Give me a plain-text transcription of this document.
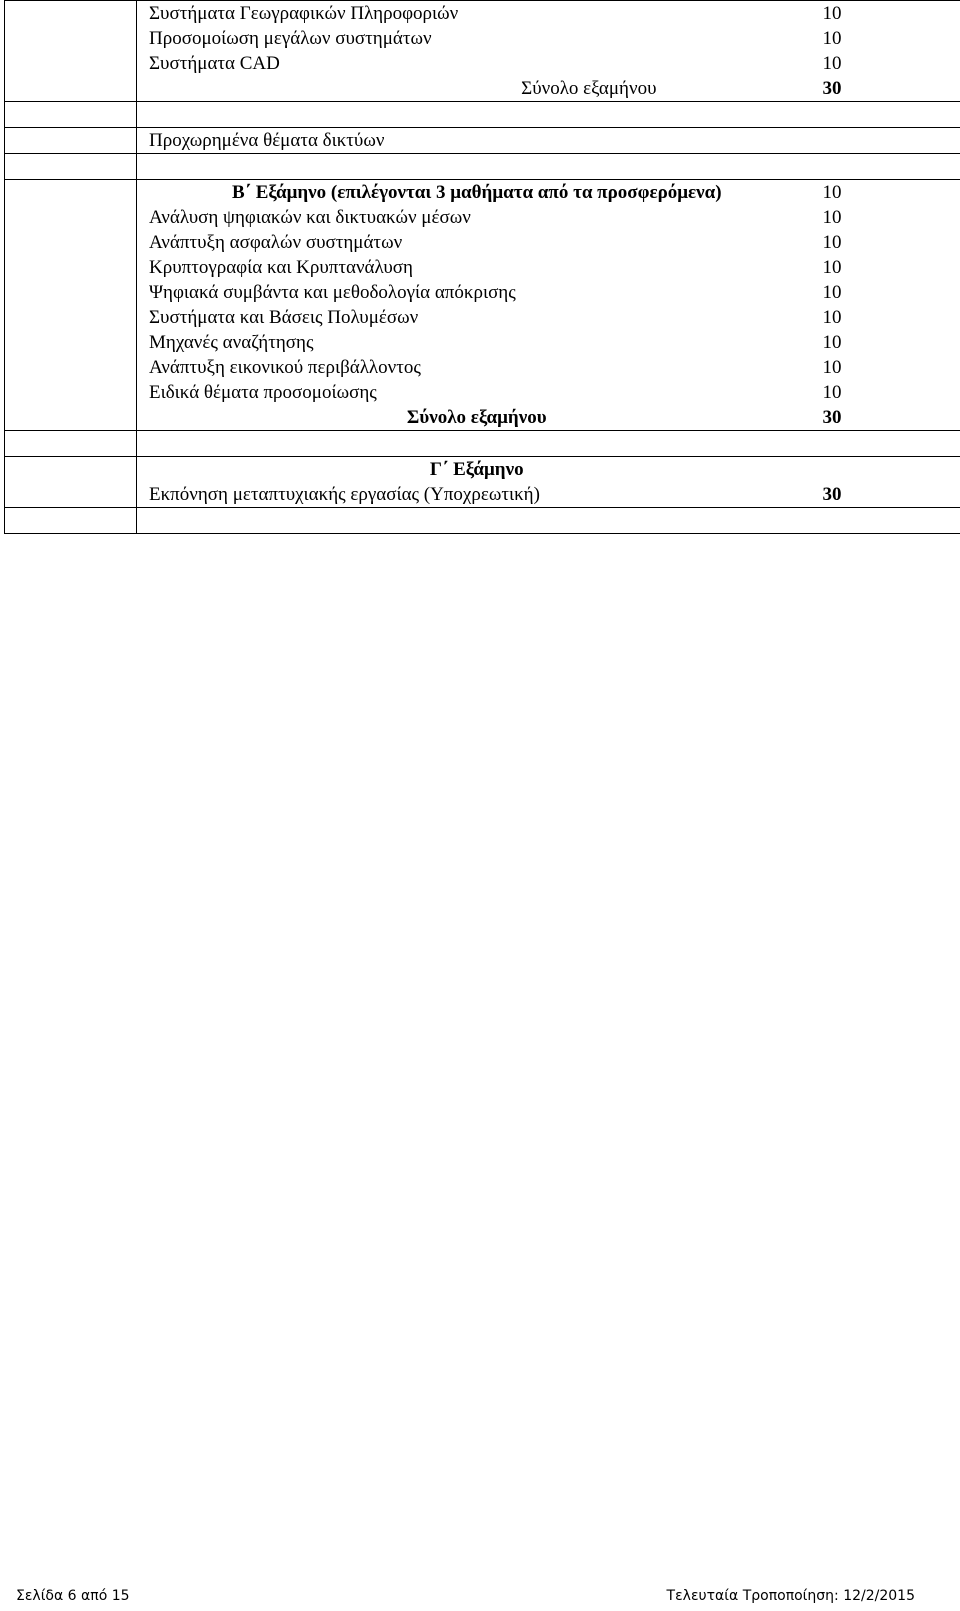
	Συστήματα Γεωγραφικών Πληροφοριών	10
	Προσομοίωση μεγάλων συστημάτων	10
	Συστήματα CAD	10
	Σύνολο εξαμήνου	30

	Προχωρημένα θέματα δικτύων	

	Β΄ Εξάμηνο (επιλέγονται 3 μαθήματα από τα προσφερόμενα)	10
	Ανάλυση ψηφιακών και δικτυακών μέσων	10
	Ανάπτυξη ασφαλών συστημάτων	10
	Κρυπτογραφία και Κρυπτανάλυση	10
	Ψηφιακά συμβάντα και μεθοδολογία απόκρισης	10
	Συστήματα και Βάσεις Πολυμέσων	10
	Μηχανές αναζήτησης	10
	Ανάπτυξη εικονικού περιβάλλοντος	10
	Ειδικά θέματα προσομοίωσης	10
	Σύνολο εξαμήνου	30

	Γ΄ Εξάμηνο	
	Εκπόνηση μεταπτυχιακής εργασίας (Υποχρεωτική)	30

Σελίδα 6 από 15	Τελευταία Τροποποίηση: 12/2/2015
